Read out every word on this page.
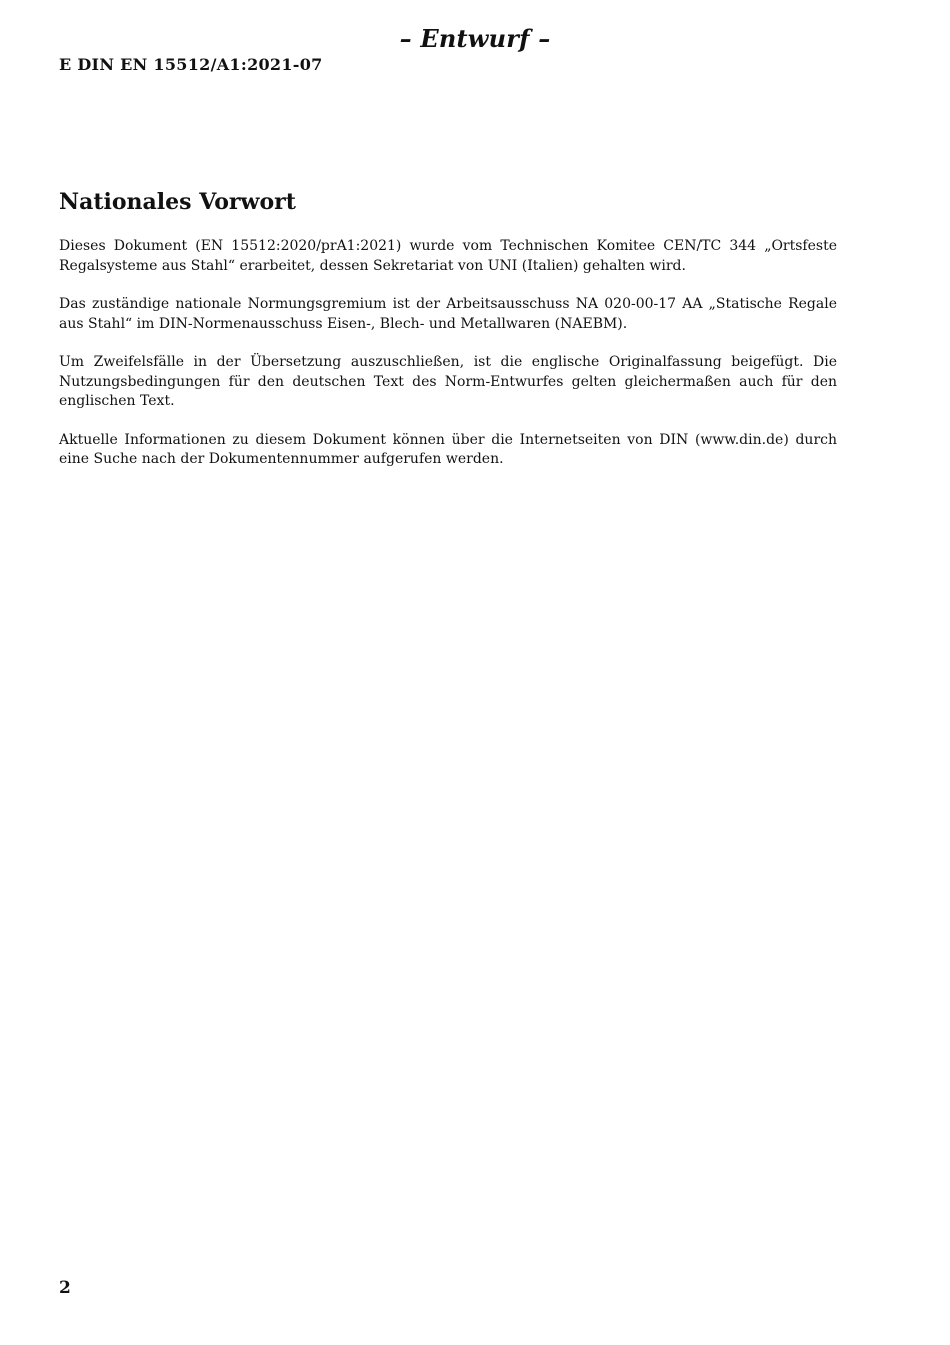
– Entwurf –
E DIN EN 15512/A1:2021-07
Nationales Vorwort

Dieses Dokument (EN 15512:2020/prA1:2021) wurde vom Technischen Komitee CEN/TC 344 „Ortsfeste Regalsysteme aus Stahl“ erarbeitet, dessen Sekretariat von UNI (Italien) gehalten wird.

Das zuständige nationale Normungsgremium ist der Arbeitsausschuss NA 020-00-17 AA „Statische Regale aus Stahl“ im DIN-Normenausschuss Eisen-, Blech- und Metallwaren (NAEBM).

Um Zweifelsfälle in der Übersetzung auszuschließen, ist die englische Originalfassung beigefügt. Die Nutzungsbedingungen für den deutschen Text des Norm-Entwurfes gelten gleichermaßen auch für den englischen Text.

Aktuelle Informationen zu diesem Dokument können über die Internetseiten von DIN (www.din.de) durch eine Suche nach der Dokumentennummer aufgerufen werden.

2
